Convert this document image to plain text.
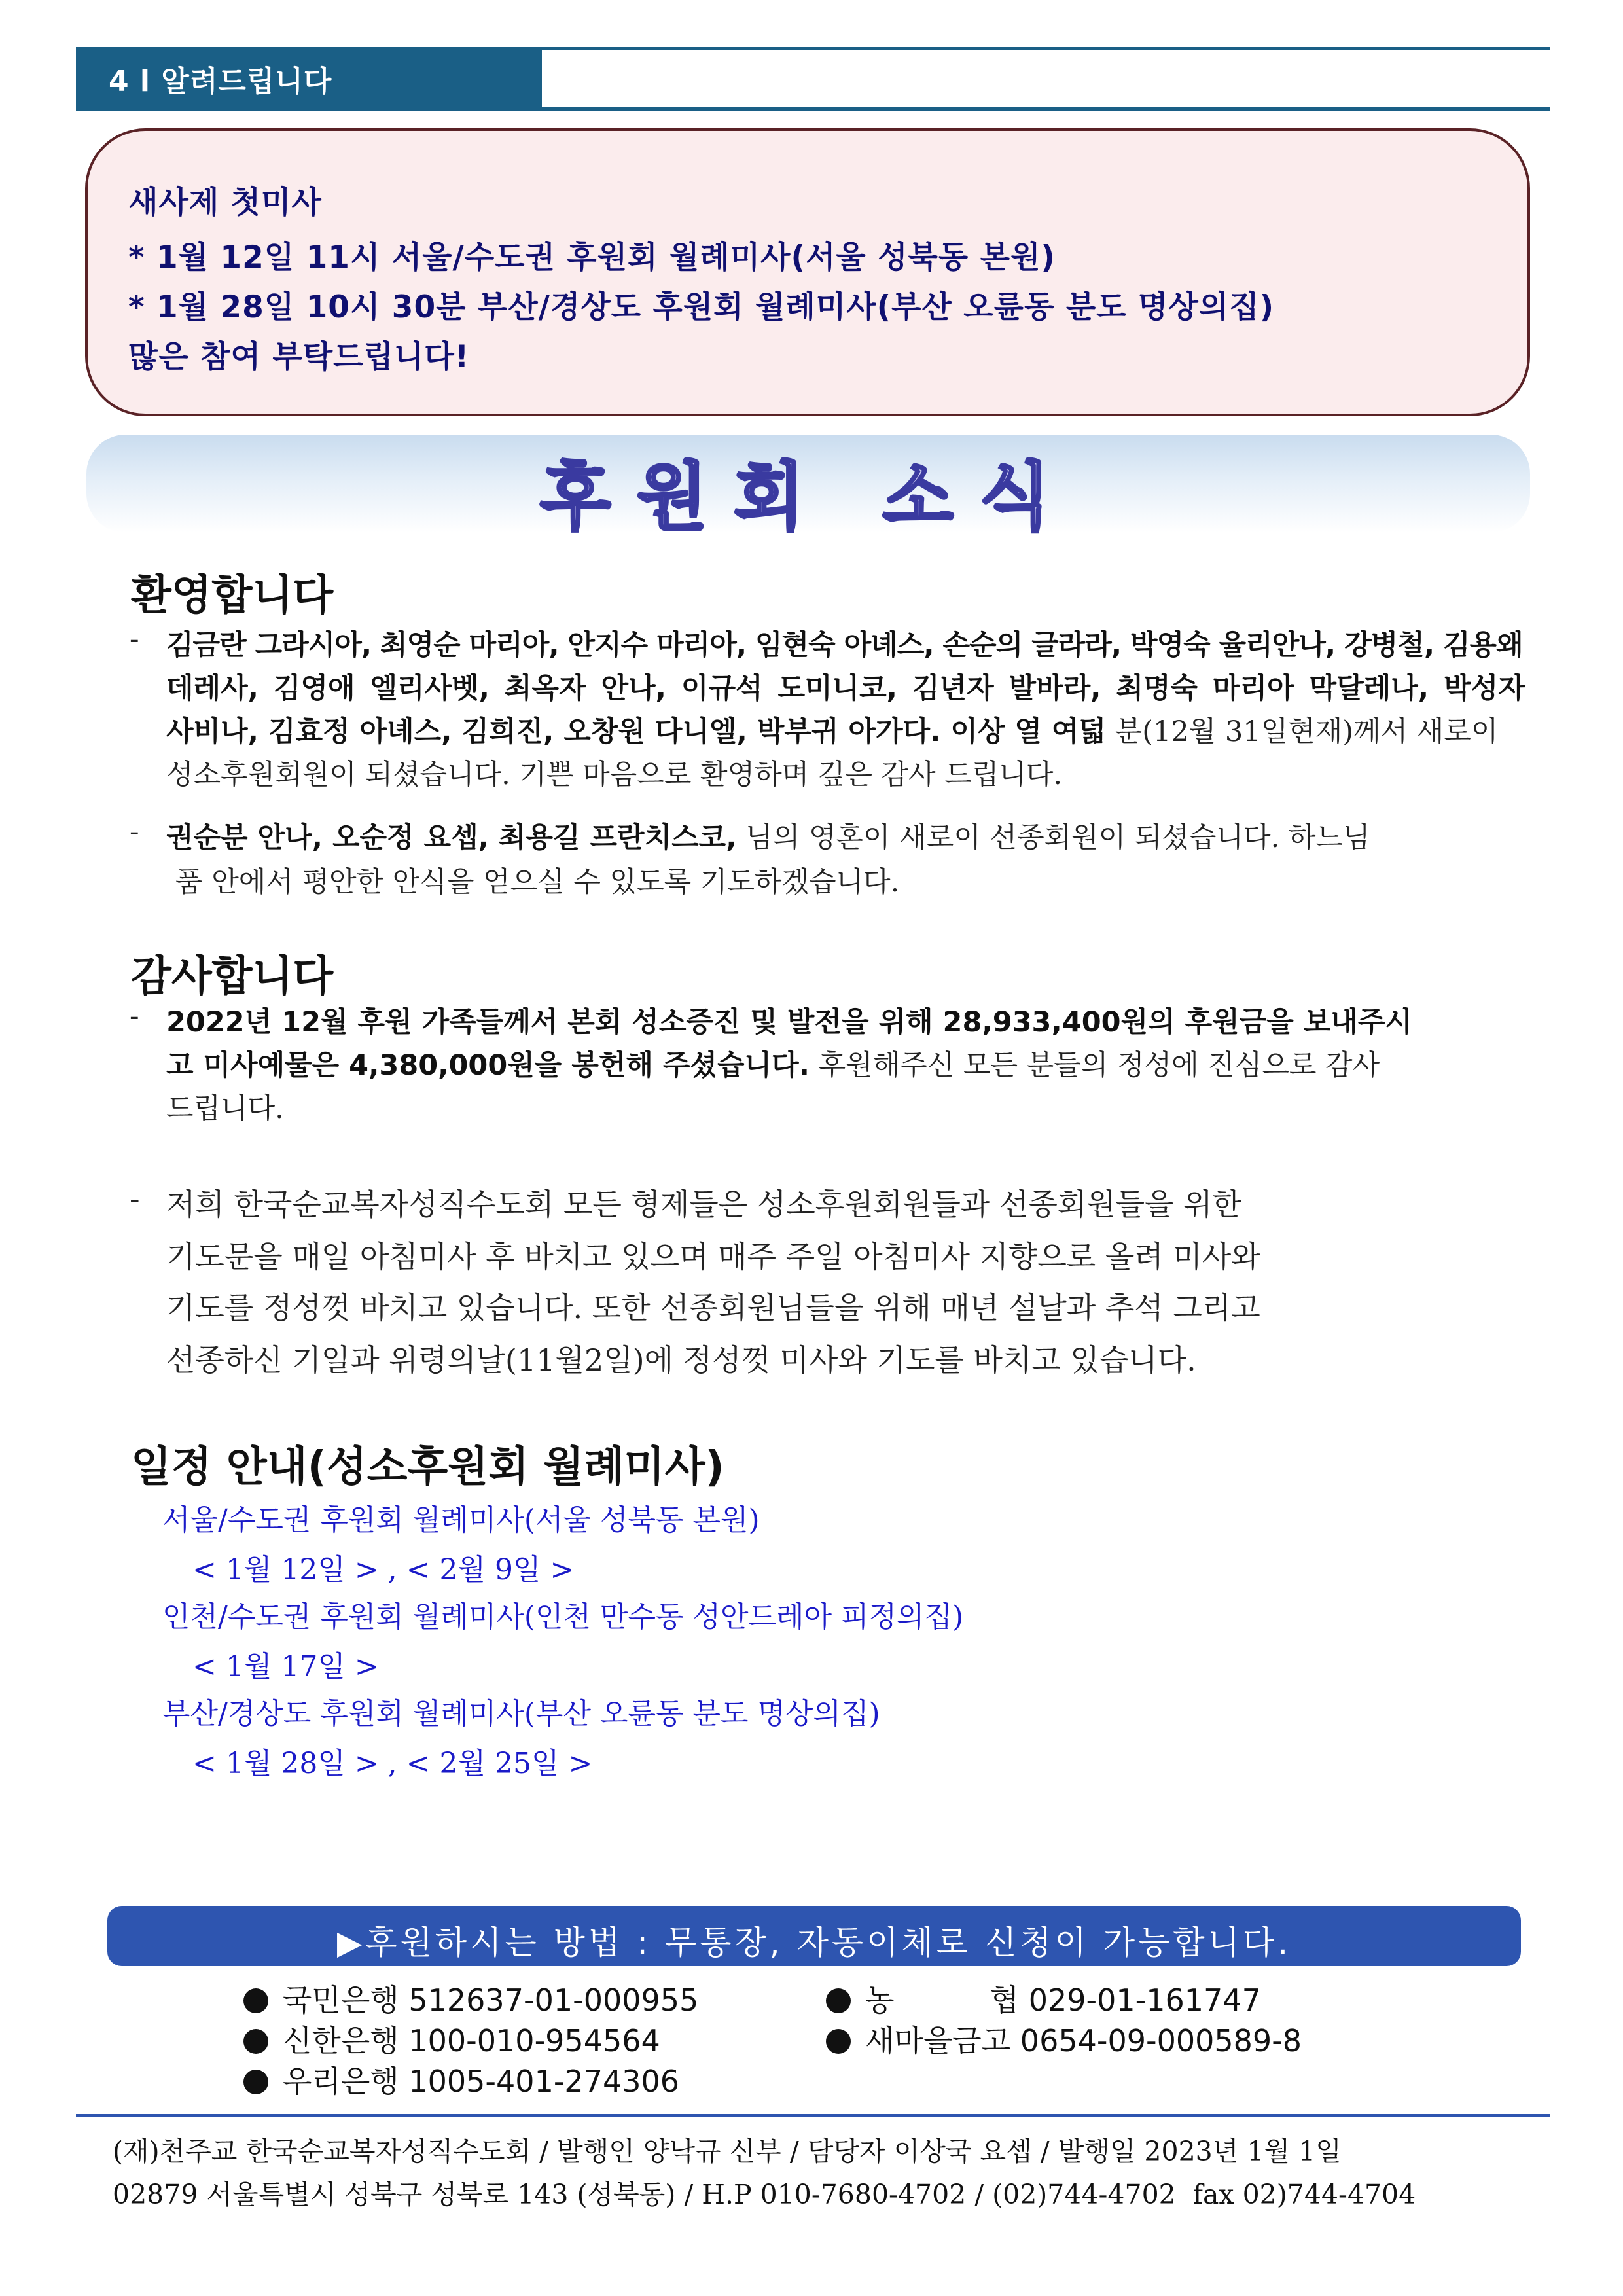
4 l 알려드립니다
새사제 첫미사
* 1월 12일 11시 서울/수도권 후원회 월례미사(서울 성북동 본원)
* 1월 28일 10시 30분 부산/경상도 후원회 월례미사(부산 오륜동 분도 명상의집)
많은 참여 부탁드립니다!
후원회 소식
환영합니다
- 김금란 그라시아, 최영순 마리아, 안지수 마리아, 임현숙 아녜스, 손순의 글라라, 박영숙 율리안나, 강병철, 김용왜
데레사, 김영애 엘리사벳, 최옥자 안나, 이규석 도미니코, 김년자 발바라, 최명숙 마리아 막달레나, 박성자
사비나, 김효정 아녜스, 김희진, 오창원 다니엘, 박부귀 아가다. 이상 열 여덟 분(12월 31일현재)께서 새로이
성소후원회원이 되셨습니다. 기쁜 마음으로 환영하며 깊은 감사 드립니다.
- 권순분 안나, 오순정 요셉, 최용길 프란치스코, 님의 영혼이 새로이 선종회원이 되셨습니다. 하느님
품 안에서 평안한 안식을 얻으실 수 있도록 기도하겠습니다.
감사합니다
- 2022년 12월 후원 가족들께서 본회 성소증진 및 발전을 위해 28,933,400원의 후원금을 보내주시
고 미사예물은 4,380,000원을 봉헌해 주셨습니다. 후원해주신 모든 분들의 정성에 진심으로 감사
드립니다.
- 저희 한국순교복자성직수도회 모든 형제들은 성소후원회원들과 선종회원들을 위한
기도문을 매일 아침미사 후 바치고 있으며 매주 주일 아침미사 지향으로 올려 미사와
기도를 정성껏 바치고 있습니다. 또한 선종회원님들을 위해 매년 설날과 추석 그리고
선종하신 기일과 위령의날(11월2일)에 정성껏 미사와 기도를 바치고 있습니다.
일정 안내(성소후원회 월례미사)
서울/수도권 후원회 월례미사(서울 성북동 본원)
< 1월 12일 > , < 2월 9일 >
인천/수도권 후원회 월례미사(인천 만수동 성안드레아 피정의집)
< 1월 17일 >
부산/경상도 후원회 월례미사(부산 오륜동 분도 명상의집)
< 1월 28일 > , < 2월 25일 >
▶후원하시는 방법 : 무통장, 자동이체로 신청이 가능합니다.
국민은행 512637-01-000955
신한은행 100-010-954564
우리은행 1005-401-274306
농          협 029-01-161747
새마을금고 0654-09-000589-8
(재)천주교 한국순교복자성직수도회 / 발행인 양낙규 신부 / 담당자 이상국 요셉 / 발행일 2023년 1월 1일
02879 서울특별시 성북구 성북로 143 (성북동) / H.P 010-7680-4702 / (02)744-4702  fax 02)744-4704
